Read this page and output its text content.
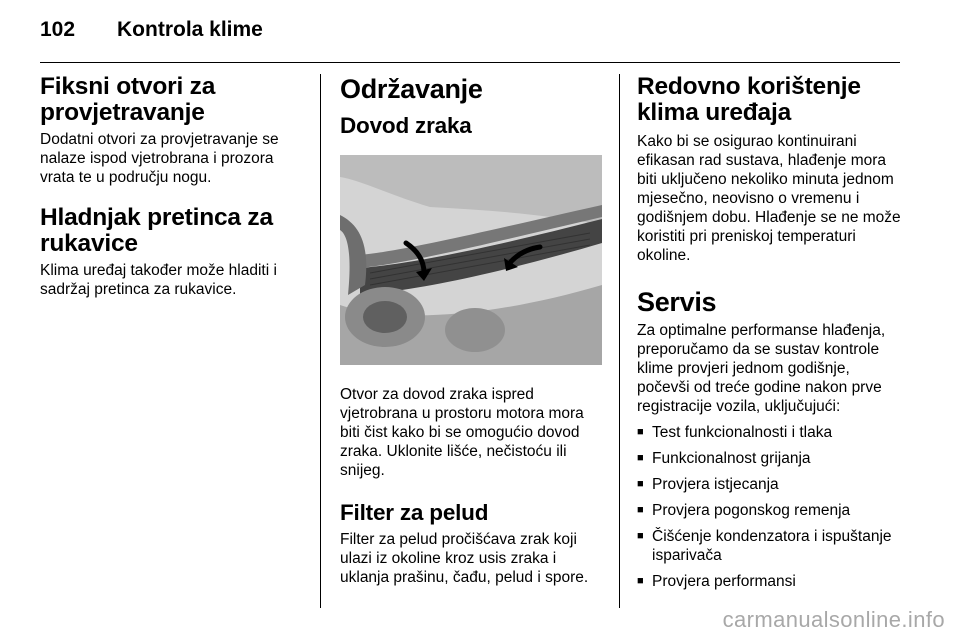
102 Kontrola klime
Fiksni otvori za provjetravanje

Dodatni otvori za provjetravanje se nalaze ispod vjetrobrana i prozora vrata te u području nogu.

Hladnjak pretinca za rukavice

Klima uređaj također može hladiti i sadržaj pretinca za rukavice.

Održavanje
Dovod zraka

Otvor za dovod zraka ispred vjetrobrana u prostoru motora mora biti čist kako bi se omogućio dovod zraka. Uklonite lišće, nečistoću ili snijeg.

Filter za pelud

Filter za pelud pročišćava zrak koji ulazi iz okoline kroz usis zraka i uklanja prašinu, čađu, pelud i spore.

Redovno korištenje klima uređaja

Kako bi se osigurao kontinuirani efikasan rad sustava, hlađenje mora biti uključeno nekoliko minuta jednom mjesečno, neovisno o vremenu i godišnjem dobu. Hlađenje se ne može koristiti pri preniskoj temperaturi okoline.

Servis

Za optimalne performanse hlađenja, preporučamo da se sustav kontrole klime provjeri jednom godišnje, počevši od treće godine nakon prve registracije vozila, uključujući:

■ Test funkcionalnosti i tlaka
■ Funkcionalnost grijanja
■ Provjera istjecanja
■ Provjera pogonskog remenja
■ Čišćenje kondenzatora i ispuštanje isparivača
■ Provjera performansi
carmanualsonline.info
